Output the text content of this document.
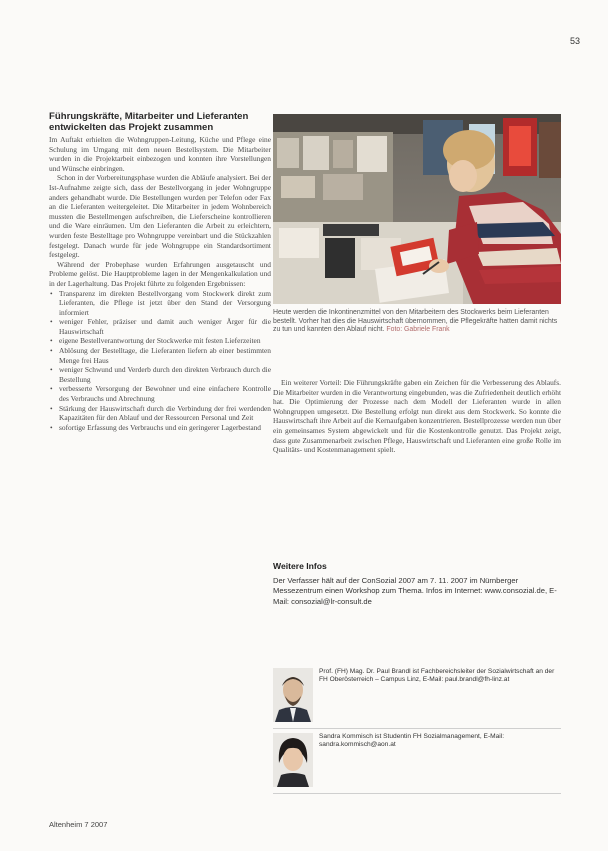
53
Führungskräfte, Mitarbeiter und Lieferanten entwickelten das Projekt zusammen

Im Auftakt erhielten die Wohngruppen-Leitung, Küche und Pflege eine Schulung im Umgang mit dem neuen Bestellsystem. Die Mitarbeiter wurden in die Projektarbeit einbezogen und konnten ihre Vorstellungen und Wünsche einbringen.

Schon in der Vorbereitungsphase wurden die Abläufe analysiert. Bei der Ist-Aufnahme zeigte sich, dass der Bestellvorgang in jeder Wohngruppe anders gehandhabt wurde. Die Bestellungen wurden per Telefon oder Fax an die Lieferanten weitergeleitet. Die Mitarbeiter in jedem Wohnbereich mussten die Bestellmengen aufschreiben, die Lieferscheine kontrollieren und die Ware einräumen. Um den Lieferanten die Arbeit zu erleichtern, wurden feste Bestelltage pro Wohngruppe vereinbart und die Stückzahlen festgelegt. Danach wurde für jede Wohngruppe ein Standardsortiment festgelegt.

Während der Probephase wurden Erfahrungen ausgetauscht und Probleme gelöst. Die Hauptprobleme lagen in der Mengenkalkulation und in der Lagerhaltung. Das Projekt führte zu folgenden Ergebnissen:

• Transparenz im direkten Bestellvorgang vom Stockwerk direkt zum Lieferanten, die Pflege ist jetzt über den Stand der Versorgung informiert
• weniger Fehler, präziser und damit auch weniger Ärger für die Hauswirtschaft
• eigene Bestellverantwortung der Stockwerke mit festen Lieferzeiten
• Ablösung der Bestelltage, die Lieferanten liefern ab einer bestimmten Menge frei Haus
• weniger Schwund und Verderb durch den direkten Verbrauch durch die Bestellung
• verbesserte Versorgung der Bewohner und eine einfachere Kontrolle des Verbrauchs und Abrechnung
• Stärkung der Hauswirtschaft durch die Verbindung der frei werdenden Kapazitäten für den Ablauf und der Ressourcen Personal und Zeit
• sofortige Erfassung des Verbrauchs und ein geringerer Lagerbestand

Heute werden die Inkontinenzmittel von den Mitarbeitern des Stockwerks beim Lieferanten bestellt. Vorher hat dies die Hauswirtschaft übernommen, die Pflegekräfte hatten damit nichts zu tun und kannten den Ablauf nicht. Foto: Gabriele Frank

Ein weiterer Vorteil: Die Führungskräfte gaben ein Zeichen für die Verbesserung des Ablaufs. Die Mitarbeiter wurden in die Verantwortung eingebunden, was die Zufriedenheit deutlich erhöht hat. Die Optimierung der Prozesse nach dem Modell der Lieferanten wurde in allen Wohngruppen umgesetzt. Die Bestellung erfolgt nun direkt aus dem Stockwerk. So konnte die Hauswirtschaft ihre Arbeit auf die Kernaufgaben konzentrieren. Bestellprozesse werden nun über ein gemeinsames System abgewickelt und für die Kostenkontrolle genutzt. Das Projekt zeigt, dass gute Zusammenarbeit zwischen Pflege, Hauswirtschaft und Lieferanten eine große Rolle im Qualitäts- und Kostenmanagement spielt.

Weitere Infos

Der Verfasser hält auf der ConSozial 2007 am 7. 11. 2007 im Nürnberger Messezentrum einen Workshop zum Thema. Infos im Internet: www.consozial.de, E-Mail: consozial@lr-consult.de

Prof. (FH) Mag. Dr. Paul Brandl ist Fachbereichsleiter der Sozialwirtschaft an der FH Oberösterreich – Campus Linz, E-Mail: paul.brandl@fh-linz.at

Sandra Kommisch ist Studentin FH Sozialmanagement, E-Mail: sandra.kommisch@aon.at

Altenheim 7 2007
